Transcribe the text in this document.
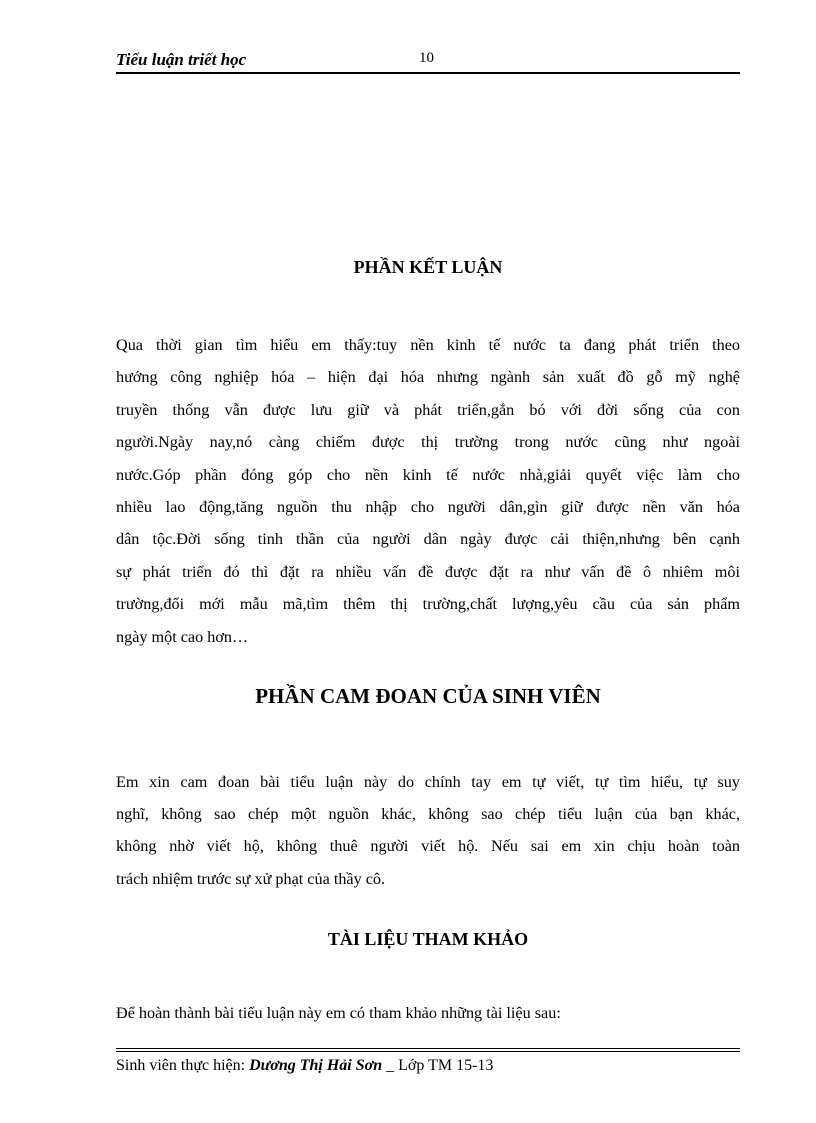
Tiểu luận triết học	10
PHẦN KẾT LUẬN
Qua thời gian tìm hiểu em thấy:tuy nền kinh tế nước ta đang phát triển theo
hướng công nghiệp hóa – hiện đại hóa nhưng ngành sản xuất đồ gỗ mỹ nghệ
truyền thống vẫn được lưu giữ và phát triển,gắn bó với đời sống của con
người.Ngày nay,nó càng chiếm được thị trường trong nước cũng như ngoài
nước.Góp phần đóng góp cho nền kinh tế nước nhà,giải quyết việc làm cho
nhiều lao động,tăng nguồn thu nhập cho người dân,gìn giữ được nền văn hóa
dân tộc.Đời sống tinh thần của người dân ngày được cải thiện,nhưng bên cạnh
sự phát triển đó thì đặt ra nhiều vấn đề được đặt ra như vấn đề ô nhiêm môi
trường,đổi mới mẫu mã,tìm thêm thị trường,chất lượng,yêu cầu của sản phẩm
ngày một cao hơn…
PHẦN CAM ĐOAN CỦA SINH VIÊN
Em xin cam đoan bài tiểu luận này do chính tay em tự viết, tự tìm hiểu, tự suy
nghĩ, không sao chép một nguồn khác, không sao chép tiểu luận của bạn khác,
không nhờ viết hộ, không thuê người viết hộ. Nếu sai em xin chịu hoàn toàn
trách nhiệm trước sự xử phạt của thầy cô.
TÀI LIỆU THAM KHẢO
Để hoàn thành bài tiểu luận này em có tham khảo những tài liệu sau:
Sinh viên thực hiện: Dương Thị Hải Sơn _ Lớp TM 15-13
